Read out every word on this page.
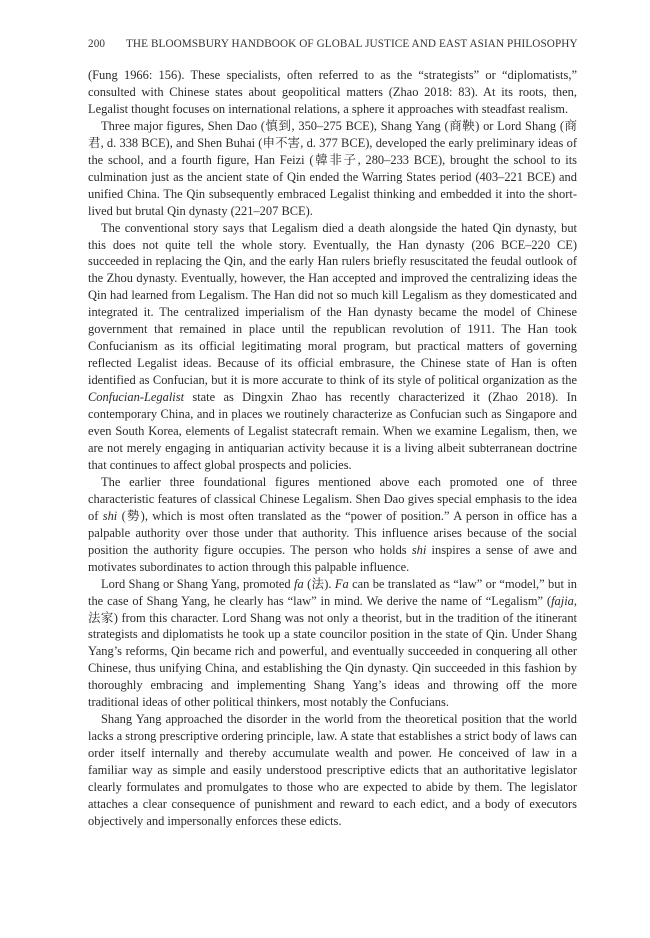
200	THE BLOOMSBURY HANDBOOK OF GLOBAL JUSTICE AND EAST ASIAN PHILOSOPHY

(Fung 1966: 156). These specialists, often referred to as the “strategists” or “diplomatists,” consulted with Chinese states about geopolitical matters (Zhao 2018: 83). At its roots, then, Legalist thought focuses on international relations, a sphere it approaches with steadfast realism.

Three major figures, Shen Dao (慎到, 350–275 BCE), Shang Yang (商鞅) or Lord Shang (商君, d. 338 BCE), and Shen Buhai (申不害, d. 377 BCE), developed the early preliminary ideas of the school, and a fourth figure, Han Feizi (韓非子, 280–233 BCE), brought the school to its culmination just as the ancient state of Qin ended the Warring States period (403–221 BCE) and unified China. The Qin subsequently embraced Legalist thinking and embedded it into the short-lived but brutal Qin dynasty (221–207 BCE).

The conventional story says that Legalism died a death alongside the hated Qin dynasty, but this does not quite tell the whole story. Eventually, the Han dynasty (206 BCE–220 CE) succeeded in replacing the Qin, and the early Han rulers briefly resuscitated the feudal outlook of the Zhou dynasty. Eventually, however, the Han accepted and improved the centralizing ideas the Qin had learned from Legalism. The Han did not so much kill Legalism as they domesticated and integrated it. The centralized imperialism of the Han dynasty became the model of Chinese government that remained in place until the republican revolution of 1911. The Han took Confucianism as its official legitimating moral program, but practical matters of governing reflected Legalist ideas. Because of its official embrasure, the Chinese state of Han is often identified as Confucian, but it is more accurate to think of its style of political organization as the Confucian-Legalist state as Dingxin Zhao has recently characterized it (Zhao 2018). In contemporary China, and in places we routinely characterize as Confucian such as Singapore and even South Korea, elements of Legalist statecraft remain. When we examine Legalism, then, we are not merely engaging in antiquarian activity because it is a living albeit subterranean doctrine that continues to affect global prospects and policies.

The earlier three foundational figures mentioned above each promoted one of three characteristic features of classical Chinese Legalism. Shen Dao gives special emphasis to the idea of shi (勢), which is most often translated as the “power of position.” A person in office has a palpable authority over those under that authority. This influence arises because of the social position the authority figure occupies. The person who holds shi inspires a sense of awe and motivates subordinates to action through this palpable influence.

Lord Shang or Shang Yang, promoted fa (法). Fa can be translated as “law” or “model,” but in the case of Shang Yang, he clearly has “law” in mind. We derive the name of “Legalism” (fajia, 法家) from this character. Lord Shang was not only a theorist, but in the tradition of the itinerant strategists and diplomatists he took up a state councilor position in the state of Qin. Under Shang Yang’s reforms, Qin became rich and powerful, and eventually succeeded in conquering all other Chinese, thus unifying China, and establishing the Qin dynasty. Qin succeeded in this fashion by thoroughly embracing and implementing Shang Yang’s ideas and throwing off the more traditional ideas of other political thinkers, most notably the Confucians.

Shang Yang approached the disorder in the world from the theoretical position that the world lacks a strong prescriptive ordering principle, law. A state that establishes a strict body of laws can order itself internally and thereby accumulate wealth and power. He conceived of law in a familiar way as simple and easily understood prescriptive edicts that an authoritative legislator clearly formulates and promulgates to those who are expected to abide by them. The legislator attaches a clear consequence of punishment and reward to each edict, and a body of executors objectively and impersonally enforces these edicts.
